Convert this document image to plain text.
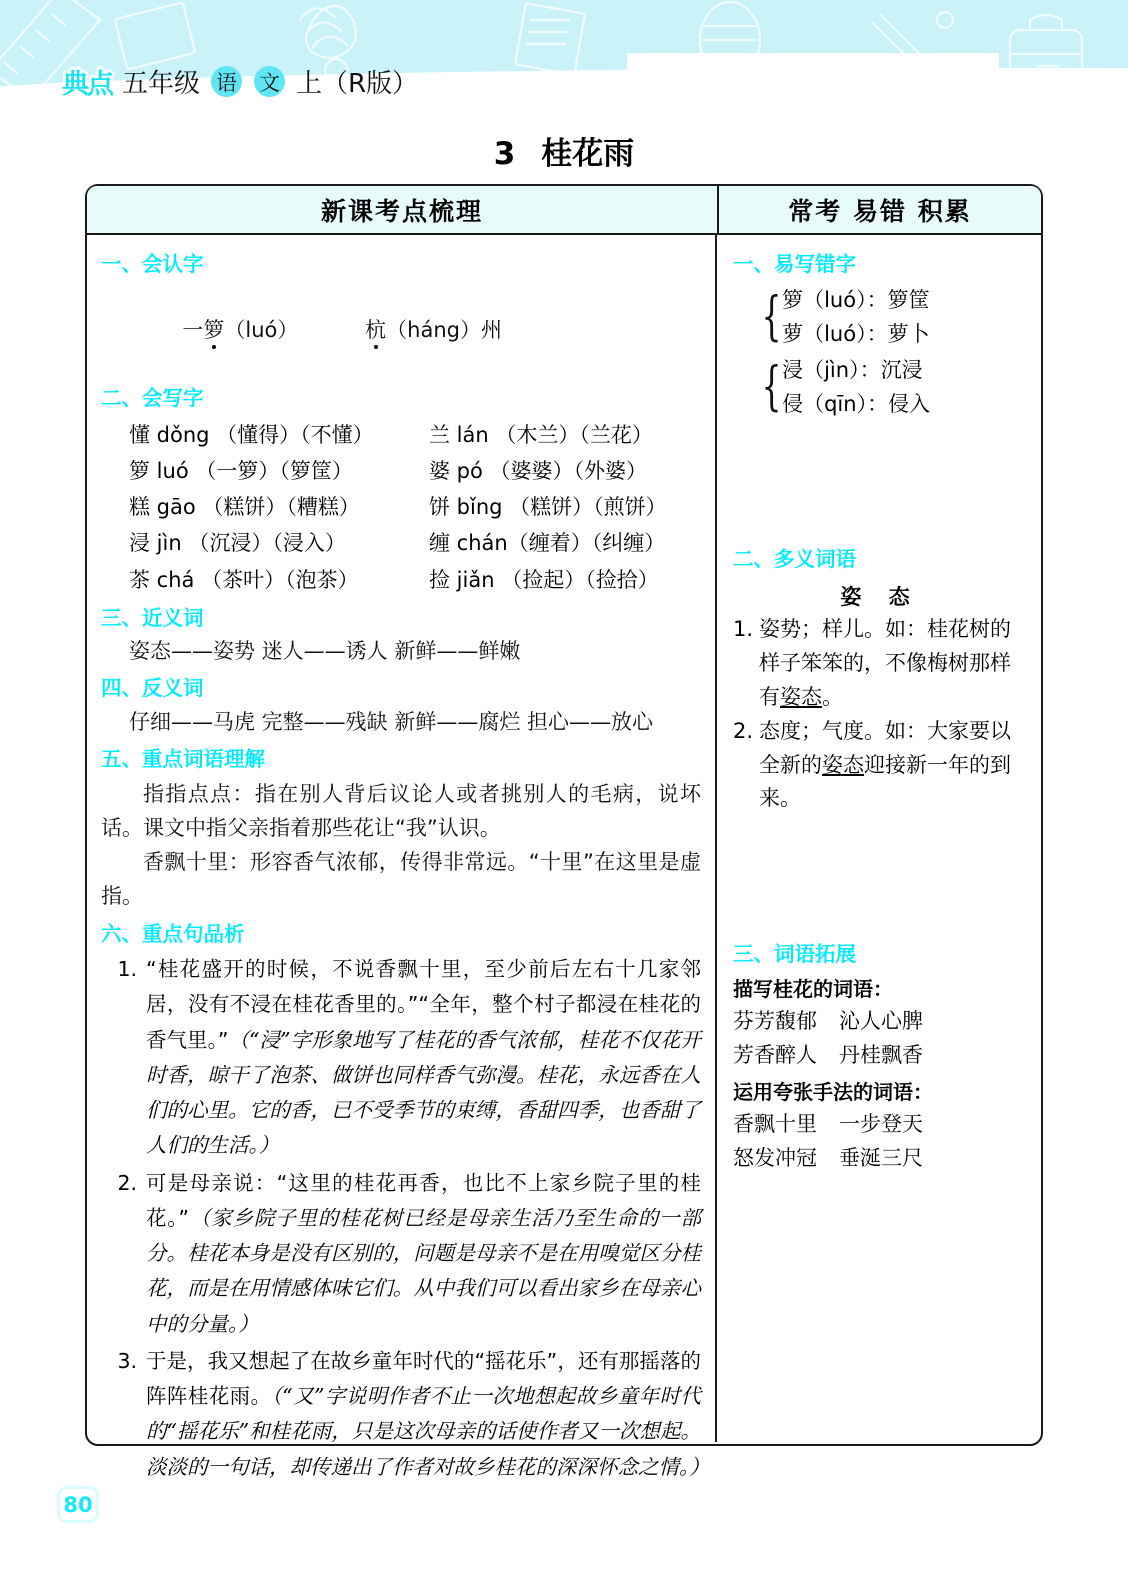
典点 五年级 语 文 上（R版）
3 桂花雨
新课考点梳理	常考 易错 积累
一、会认字

一箩（luó）	杭（háng）州

二、会写字
懂 dǒng （懂得）（不懂）	兰 lán （木兰）（兰花）
箩 luó （一箩）（箩筐）	婆 pó （婆婆）（外婆）
糕 gāo （糕饼）（糟糕）	饼 bǐng （糕饼）（煎饼）
浸 jìn （沉浸）（浸入）	缠 chán（缠着）（纠缠）
茶 chá （茶叶）（泡茶）	捡 jiǎn （捡起）（捡拾）
三、近义词
姿态——姿势 迷人——诱人 新鲜——鲜嫩
四、反义词
仔细——马虎 完整——残缺 新鲜——腐烂 担心——放心
五、重点词语理解
指指点点：指在别人背后议论人或者挑别人的毛病，说坏话。课文中指父亲指着那些花让“我”认识。
香飘十里：形容香气浓郁，传得非常远。“十里”在这里是虚指。
六、重点句品析
1. “桂花盛开的时候，不说香飘十里，至少前后左右十几家邻居，没有不浸在桂花香里的。”“全年，整个村子都浸在桂花的香气里。”（“浸”字形象地写了桂花的香气浓郁，桂花不仅花开时香，晾干了泡茶、做饼也同样香气弥漫。桂花，永远香在人们的心里。它的香，已不受季节的束缚，香甜四季，也香甜了人们的生活。）
2. 可是母亲说：“这里的桂花再香，也比不上家乡院子里的桂花。”（家乡院子里的桂花树已经是母亲生活乃至生命的一部分。桂花本身是没有区别的，问题是母亲不是在用嗅觉区分桂花，而是在用情感体味它们。从中我们可以看出家乡在母亲心中的分量。）
3. 于是，我又想起了在故乡童年时代的“摇花乐”，还有那摇落的阵阵桂花雨。（“又”字说明作者不止一次地想起故乡童年时代的“摇花乐”和桂花雨，只是这次母亲的话使作者又一次想起。淡淡的一句话，却传递出了作者对故乡桂花的深深怀念之情。）
一、易写错字
{ 箩（luó）：箩筐
萝（luó）：萝卜
{ 浸（jìn）：沉浸
侵（qīn）：侵入
二、多义词语
姿 态
1. 姿势；样儿。如：桂花树的样子笨笨的，不像梅树那样有姿态。
2. 态度；气度。如：大家要以全新的姿态迎接新一年的到来。
三、词语拓展
描写桂花的词语：
芬芳馥郁 沁人心脾
芳香醉人 丹桂飘香
运用夸张手法的词语：
香飘十里 一步登天
怒发冲冠 垂涎三尺
80
